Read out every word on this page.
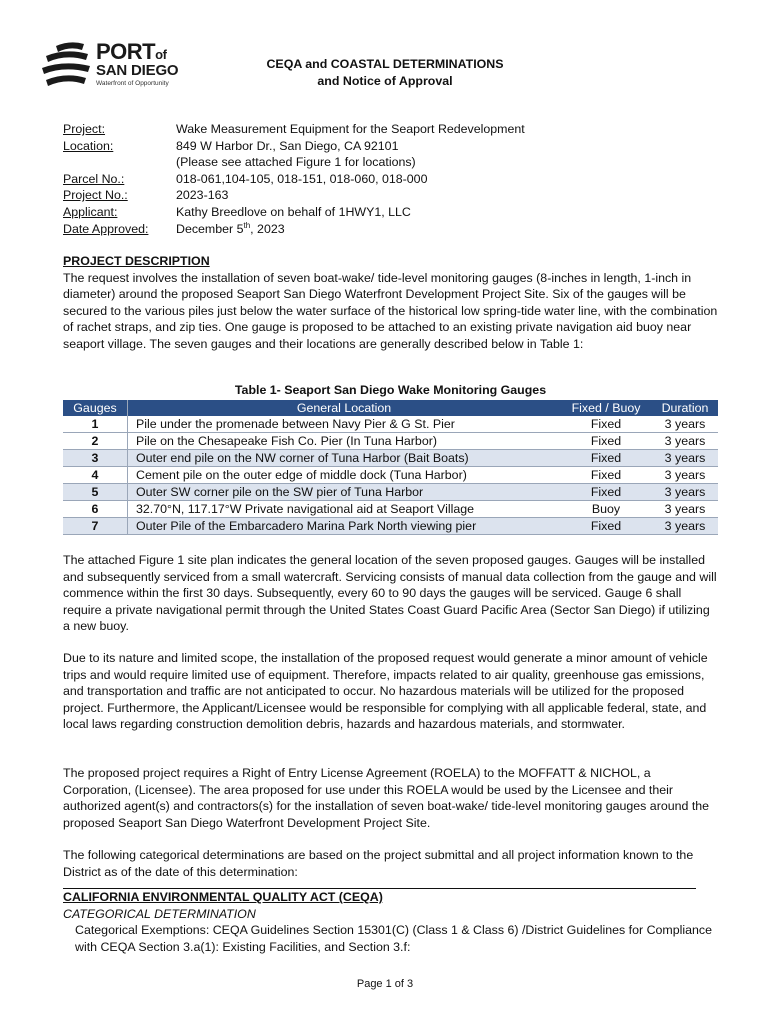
PORTof
SAN DIEGO
Waterfront of Opportunity
CEQA and COASTAL DETERMINATIONS
and Notice of Approval
Project:	Wake Measurement Equipment for the Seaport Redevelopment
Location:	849 W Harbor Dr., San Diego, CA 92101
(Please see attached Figure 1 for locations)
Parcel No.:	018-061,104-105, 018-151, 018-060, 018-000
Project No.:	2023-163
Applicant:	Kathy Breedlove on behalf of 1HWY1, LLC
Date Approved:	December 5th, 2023
PROJECT DESCRIPTION

The request involves the installation of seven boat-wake/ tide-level monitoring gauges (8-inches in length, 1-inch in diameter) around the proposed Seaport San Diego Waterfront Development Project Site. Six of the gauges will be secured to the various piles just below the water surface of the historical low spring-tide water line, with the combination of rachet straps, and zip ties. One gauge is proposed to be attached to an existing private navigation aid buoy near seaport village. The seven gauges and their locations are generally described below in Table 1:

Table 1- Seaport San Diego Wake Monitoring Gauges
Gauges	General Location	Fixed / Buoy	Duration
1	Pile under the promenade between Navy Pier & G St. Pier	Fixed	3 years
2	Pile on the Chesapeake Fish Co. Pier (In Tuna Harbor)	Fixed	3 years
3	Outer end pile on the NW corner of Tuna Harbor (Bait Boats)	Fixed	3 years
4	Cement pile on the outer edge of middle dock (Tuna Harbor)	Fixed	3 years
5	Outer SW corner pile on the SW pier of Tuna Harbor	Fixed	3 years
6	32.70°N, 117.17°W Private navigational aid at Seaport Village	Buoy	3 years
7	Outer Pile of the Embarcadero Marina Park North viewing pier	Fixed	3 years

The attached Figure 1 site plan indicates the general location of the seven proposed gauges. Gauges will be installed and subsequently serviced from a small watercraft. Servicing consists of manual data collection from the gauge and will commence within the first 30 days. Subsequently, every 60 to 90 days the gauges will be serviced. Gauge 6 shall require a private navigational permit through the United States Coast Guard Pacific Area (Sector San Diego) if utilizing a new buoy.

Due to its nature and limited scope, the installation of the proposed request would generate a minor amount of vehicle trips and would require limited use of equipment. Therefore, impacts related to air quality, greenhouse gas emissions, and transportation and traffic are not anticipated to occur. No hazardous materials will be utilized for the proposed project. Furthermore, the Applicant/Licensee would be responsible for complying with all applicable federal, state, and local laws regarding construction demolition debris, hazards and hazardous materials, and stormwater.

The proposed project requires a Right of Entry License Agreement (ROELA) to the MOFFATT & NICHOL, a Corporation, (Licensee). The area proposed for use under this ROELA would be used by the Licensee and their authorized agent(s) and contractors(s) for the installation of seven boat-wake/ tide-level monitoring gauges around the proposed Seaport San Diego Waterfront Development Project Site.

The following categorical determinations are based on the project submittal and all project information known to the District as of the date of this determination:

CALIFORNIA ENVIRONMENTAL QUALITY ACT (CEQA)
CATEGORICAL DETERMINATION
Categorical Exemptions: CEQA Guidelines Section 15301(C) (Class 1 & Class 6) /District Guidelines for Compliance with CEQA Section 3.a(1): Existing Facilities, and Section 3.f:
Page 1 of 3
